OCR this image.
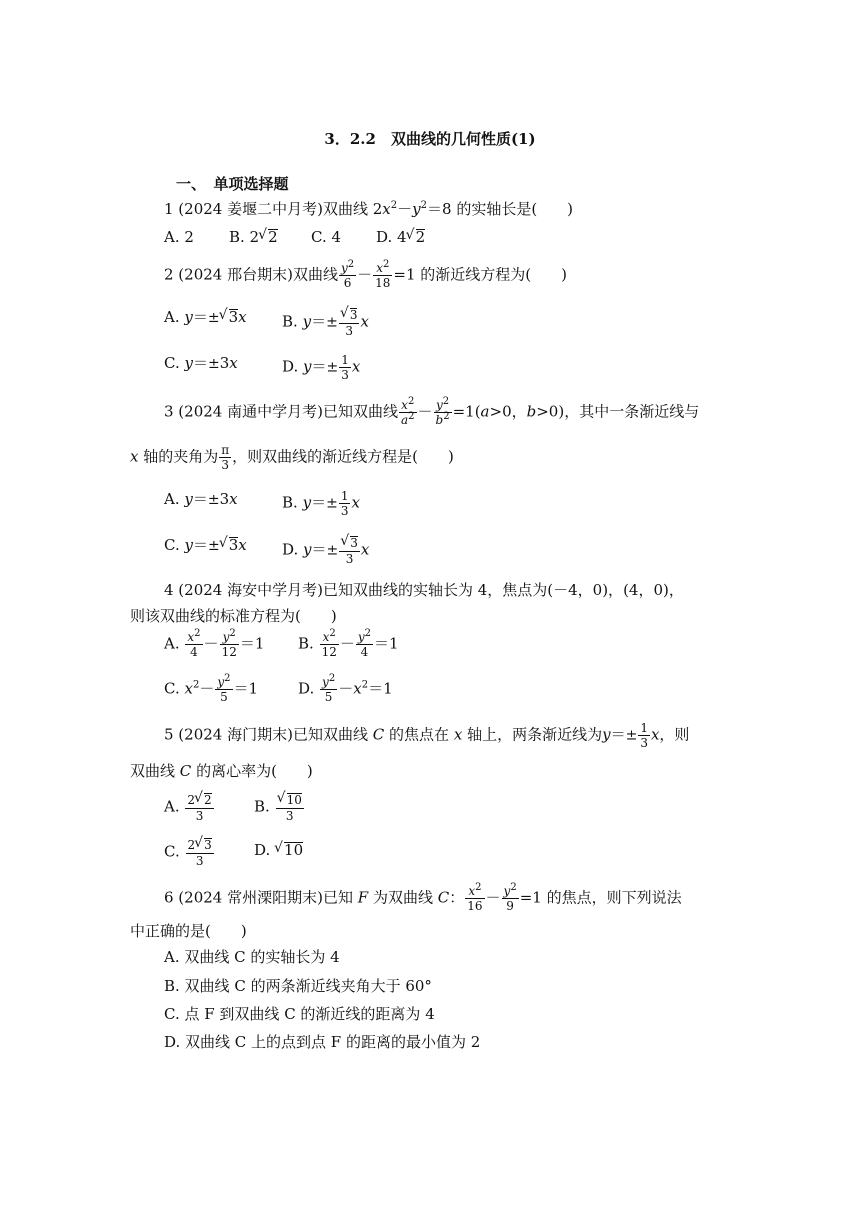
3．2.2　双曲线的几何性质(1)
一、　单项选择题
1 (2024 姜堰二中月考)双曲线 $2x^2-y^2=8$ 的实轴长是(　　)
A. 2 B. 2 √ 2 C. 4 D. 4 √ 2
2 (2024 邢台期末)双曲线 $\frac{y^2}{6} - \frac{x^2}{18} =1$ 的渐近线方程为(　　)
A. y＝± √ 3x B. y＝± √ $\frac{3}{3}$ x
C. y＝±3x	D. $y=\pm \frac{1}{3}$ x
3 (2024 南通中学月考)已知双曲线 $\frac{x^2}{a^2} - \frac{y^2}{b^2} =1(a>0$，b>0)，其中一条渐近线与
x 轴的夹角为 $\frac{\pi}{3}$ ，则双曲线的渐近线方程是(　　)
A. y＝±3x	B. $y=\pm \frac{1}{3}$ x
C. y＝± √ 3x D. y＝± √ $\frac{3}{3}$ x
4 (2024 海安中学月考)已知双曲线的实轴长为 4，焦点为(－4，0)，(4，0)，
则该双曲线的标准方程为(　　)
A. $\frac{x^2}{4} - \frac{y^2}{12} =1$ B. $\frac{x^2}{12} - \frac{y^2}{4} =1$
C. $x^2- \frac{y^2}{5} =1$	D. $\frac{y^2}{5} -x^2=1$
5 (2024 海门期末)已知双曲线 C 的焦点在 x 轴上，两条渐近线为$y=\pm \frac{1}{3}$ x，则
双曲线 C 的离心率为(　　)
A. $\frac{2 √ 2}{3}$	B. √ $\frac{10}{3}$
C. $\frac{2 √ 3}{3}$	D. √ 10
6 (2024 常州溧阳期末)已知 F 为双曲线 C： $\frac{x^2}{16} - \frac{y^2}{9} =1$ 的焦点，则下列说法
中正确的是(　　)
A. 双曲线 C 的实轴长为 4
B. 双曲线 C 的两条渐近线夹角大于 60°
C. 点 F 到双曲线 C 的渐近线的距离为 4
D. 双曲线 C 上的点到点 F 的距离的最小值为 2
